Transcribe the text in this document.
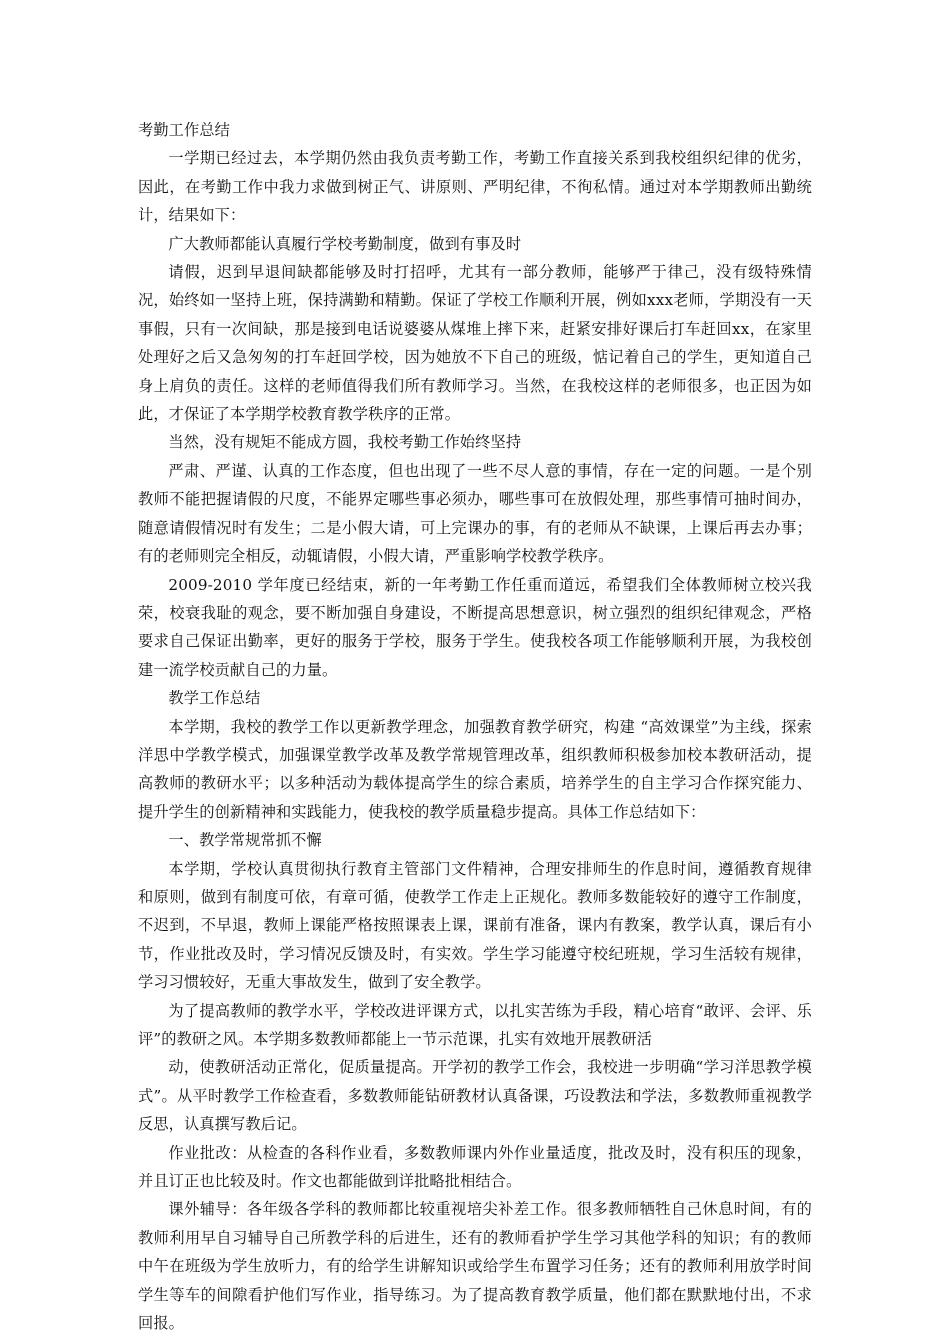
考勤工作总结

一学期已经过去，本学期仍然由我负责考勤工作，考勤工作直接关系到我校组织纪律的优劣，因此，在考勤工作中我力求做到树正气、讲原则、严明纪律，不徇私情。通过对本学期教师出勤统计，结果如下：

广大教师都能认真履行学校考勤制度，做到有事及时

请假，迟到早退间缺都能够及时打招呼，尤其有一部分教师，能够严于律己，没有级特殊情况，始终如一坚持上班，保持满勤和精勤。保证了学校工作顺利开展，例如xxx老师，学期没有一天事假，只有一次间缺，那是接到电话说婆婆从煤堆上摔下来，赶紧安排好课后打车赶回xx，在家里处理好之后又急匆匆的打车赶回学校，因为她放不下自己的班级，惦记着自己的学生，更知道自己身上肩负的责任。这样的老师值得我们所有教师学习。当然，在我校这样的老师很多，也正因为如此，才保证了本学期学校教育教学秩序的正常。

当然，没有规矩不能成方圆，我校考勤工作始终坚持

严肃、严谨、认真的工作态度，但也出现了一些不尽人意的事情，存在一定的问题。一是个别教师不能把握请假的尺度，不能界定哪些事必须办，哪些事可在放假处理，那些事情可抽时间办，随意请假情况时有发生；二是小假大请，可上完课办的事，有的老师从不缺课，上课后再去办事；有的老师则完全相反，动辄请假，小假大请，严重影响学校教学秩序。

2009-2010 学年度已经结束，新的一年考勤工作任重而道远，希望我们全体教师树立校兴我荣，校衰我耻的观念，要不断加强自身建设，不断提高思想意识，树立强烈的组织纪律观念，严格要求自己保证出勤率，更好的服务于学校，服务于学生。使我校各项工作能够顺利开展，为我校创建一流学校贡献自己的力量。

教学工作总结

本学期，我校的教学工作以更新教学理念，加强教育教学研究，构建 “高效课堂”为主线，探索洋思中学教学模式，加强课堂教学改革及教学常规管理改革，组织教师积极参加校本教研活动，提高教师的教研水平；以多种活动为载体提高学生的综合素质，培养学生的自主学习合作探究能力、提升学生的创新精神和实践能力，使我校的教学质量稳步提高。具体工作总结如下：

一、教学常规常抓不懈

本学期，学校认真贯彻执行教育主管部门文件精神，合理安排师生的作息时间，遵循教育规律和原则，做到有制度可依，有章可循，使教学工作走上正规化。教师多数能较好的遵守工作制度，不迟到，不早退，教师上课能严格按照课表上课，课前有准备，课内有教案，教学认真，课后有小节，作业批改及时，学习情况反馈及时，有实效。学生学习能遵守校纪班规，学习生活较有规律，学习习惯较好，无重大事故发生，做到了安全教学。

为了提高教师的教学水平，学校改进评课方式，以扎实苦练为手段，精心培育“敢评、会评、乐评”的教研之风。本学期多数教师都能上一节示范课，扎实有效地开展教研活

动，使教研活动正常化，促质量提高。开学初的教学工作会，我校进一步明确“学习洋思教学模式”。从平时教学工作检查看，多数教师能钻研教材认真备课，巧设教法和学法，多数教师重视教学反思，认真撰写教后记。

作业批改：从检查的各科作业看，多数教师课内外作业量适度，批改及时，没有积压的现象，并且订正也比较及时。作文也都能做到详批略批相结合。

课外辅导：各年级各学科的教师都比较重视培尖补差工作。很多教师牺牲自己休息时间，有的教师利用早自习辅导自己所教学科的后进生，还有的教师看护学生学习其他学科的知识；有的教师中午在班级为学生放听力，有的给学生讲解知识或给学生布置学习任务；还有的教师利用放学时间学生等车的间隙看护他们写作业，指导练习。为了提高教育教学质量，他们都在默默地付出，不求回报。
